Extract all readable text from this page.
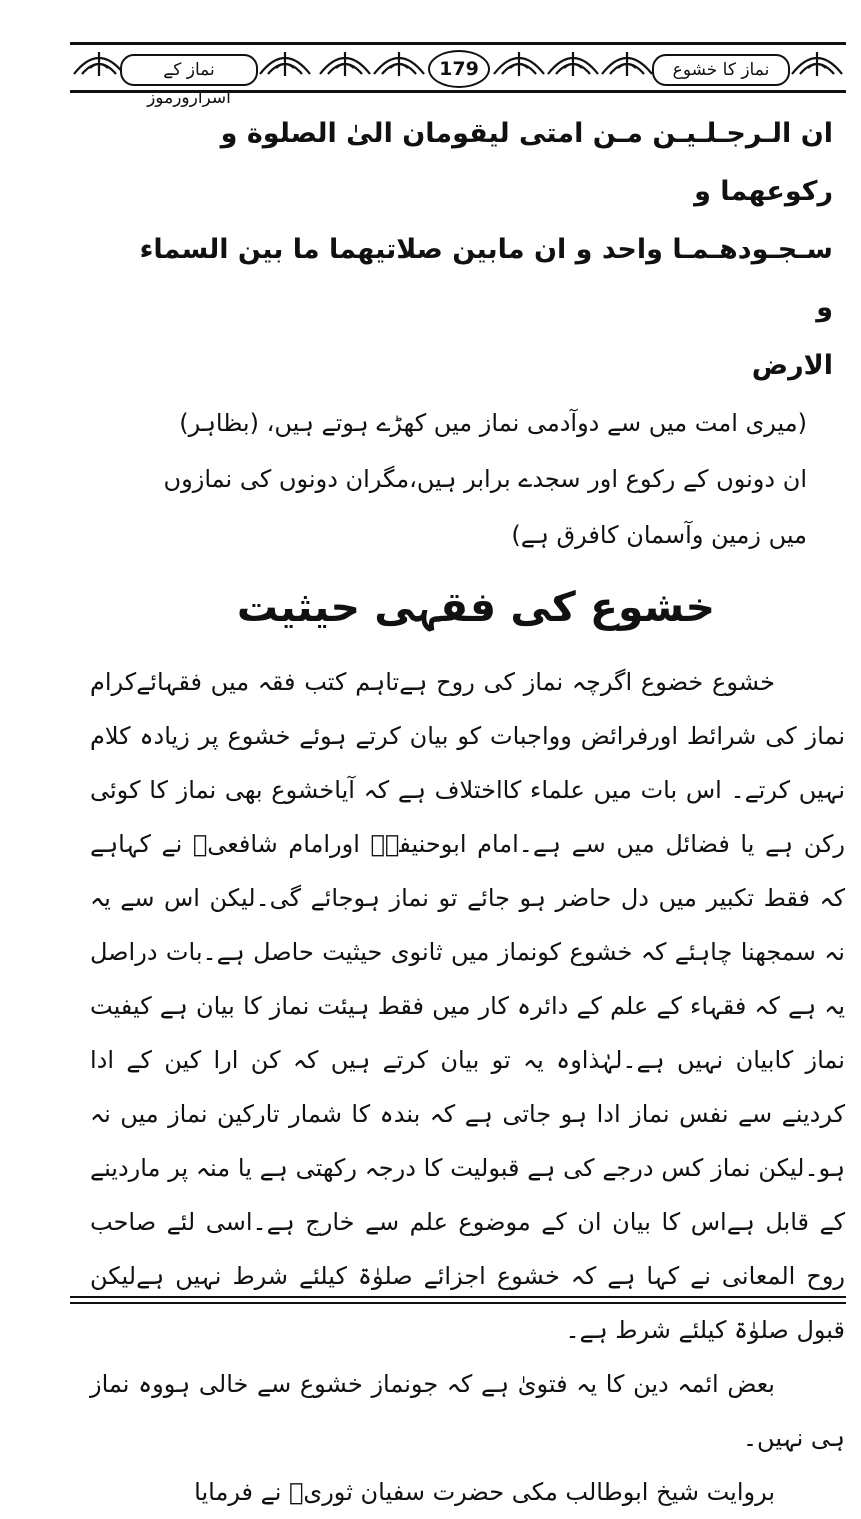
نماز کے اسرارورموز
179	نماز کا خشوع
ان الـرجـلـيـن مـن امتی ليقومان الیٰ الصلوة و ركوعهما و
سـجـودهـمـا واحد و ان مابين صلاتيهما ما بين السماء و
الارض
(میری امت میں سے دوآدمی نماز میں کھڑے ہوتے ہیں، (بظاہر)
ان دونوں کے رکوع اور سجدے برابر ہیں،مگران دونوں کی نمازوں
میں زمین وآسمان کافرق ہے)
خشوع کی فقہی حیثیت

خشوع خضوع اگرچہ نماز کی روح ہےتاہم کتب فقہ میں فقہائےکرام نماز کی شرائط اورفرائض وواجبات کو بیان کرتے ہوئے خشوع پر زیادہ کلام نہیں کرتے۔ اس بات میں علماء کااختلاف ہے کہ آیاخشوع بھی نماز کا کوئی رکن ہے یا فضائل میں سے ہے۔امام ابوحنیفہؒ اورامام شافعیؒ نے کہاہے کہ فقط تکبیر میں دل حاضر ہو جائے تو نماز ہوجائے گی۔لیکن اس سے یہ نہ سمجھنا چاہئے کہ خشوع کونماز میں ثانوی حیثیت حاصل ہے۔بات دراصل یہ ہے کہ فقہاء کے علم کے دائرہ کار میں فقط ہیئت نماز کا بیان ہے کیفیت نماز کابیان نہیں ہے۔لہٰذاوہ یہ تو بیان کرتے ہیں کہ کن ارا کین کے ادا کردینے سے نفس نماز ادا ہو جاتی ہے کہ بندہ کا شمار تارکین نماز میں نہ ہو۔لیکن نماز کس درجے کی ہے قبولیت کا درجہ رکھتی ہے یا منہ پر ماردینے کے قابل ہےاس کا بیان ان کے موضوع علم سے خارج ہے۔اسی لئے صاحب روح المعانی نے کہا ہے کہ خشوع اجزائے صلوٰۃ کیلئے شرط نہیں ہےلیکن قبول صلوٰۃ کیلئے شرط ہے۔

بعض ائمہ دین کا یہ فتویٰ ہے کہ جونماز خشوع سے خالی ہووہ نماز ہی نہیں۔

بروایت شیخ ابوطالب مکی حضرت سفیان ثوریؒ نے فرمایا
